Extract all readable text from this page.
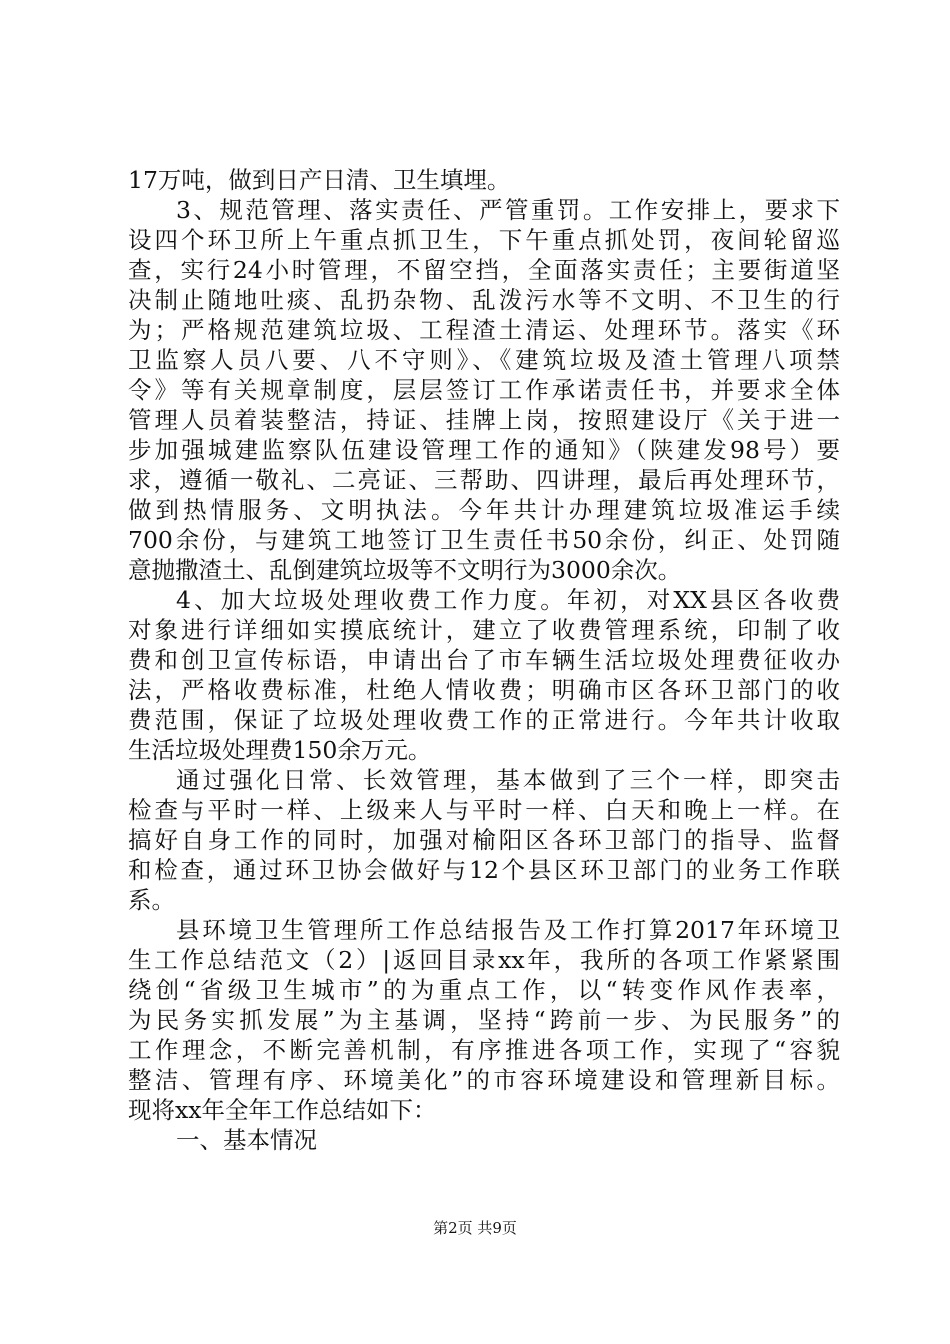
17万吨，做到日产日清、卫生填埋。
3、规范管理、落实责任、严管重罚。工作安排上，要求下
设四个环卫所上午重点抓卫生，下午重点抓处罚，夜间轮留巡
查，实行24小时管理，不留空挡，全面落实责任；主要街道坚
决制止随地吐痰、乱扔杂物、乱泼污水等不文明、不卫生的行
为；严格规范建筑垃圾、工程渣土清运、处理环节。落实《环
卫监察人员八要、八不守则》、《建筑垃圾及渣土管理八项禁
令》等有关规章制度，层层签订工作承诺责任书，并要求全体
管理人员着装整洁，持证、挂牌上岗，按照建设厅《关于进一
步加强城建监察队伍建设管理工作的通知》（陕建发98号）要
求，遵循一敬礼、二亮证、三帮助、四讲理，最后再处理环节，
做到热情服务、文明执法。今年共计办理建筑垃圾准运手续
700余份，与建筑工地签订卫生责任书50余份，纠正、处罚随
意抛撒渣土、乱倒建筑垃圾等不文明行为3000余次。
4、加大垃圾处理收费工作力度。年初，对XX县区各收费
对象进行详细如实摸底统计，建立了收费管理系统，印制了收
费和创卫宣传标语，申请出台了市车辆生活垃圾处理费征收办
法，严格收费标准，杜绝人情收费；明确市区各环卫部门的收
费范围，保证了垃圾处理收费工作的正常进行。今年共计收取
生活垃圾处理费150余万元。
通过强化日常、长效管理，基本做到了三个一样，即突击
检查与平时一样、上级来人与平时一样、白天和晚上一样。在
搞好自身工作的同时，加强对榆阳区各环卫部门的指导、监督
和检查，通过环卫协会做好与12个县区环卫部门的业务工作联
系。
县环境卫生管理所工作总结报告及工作打算2017年环境卫
生工作总结范文（2）|返回目录xx年，我所的各项工作紧紧围
绕创“省级卫生城市”的为重点工作，以“转变作风作表率，
为民务实抓发展”为主基调，坚持“跨前一步、为民服务”的
工作理念，不断完善机制，有序推进各项工作，实现了“容貌
整洁、管理有序、环境美化”的市容环境建设和管理新目标。
现将xx年全年工作总结如下：
一、基本情况
第2页 共9页
